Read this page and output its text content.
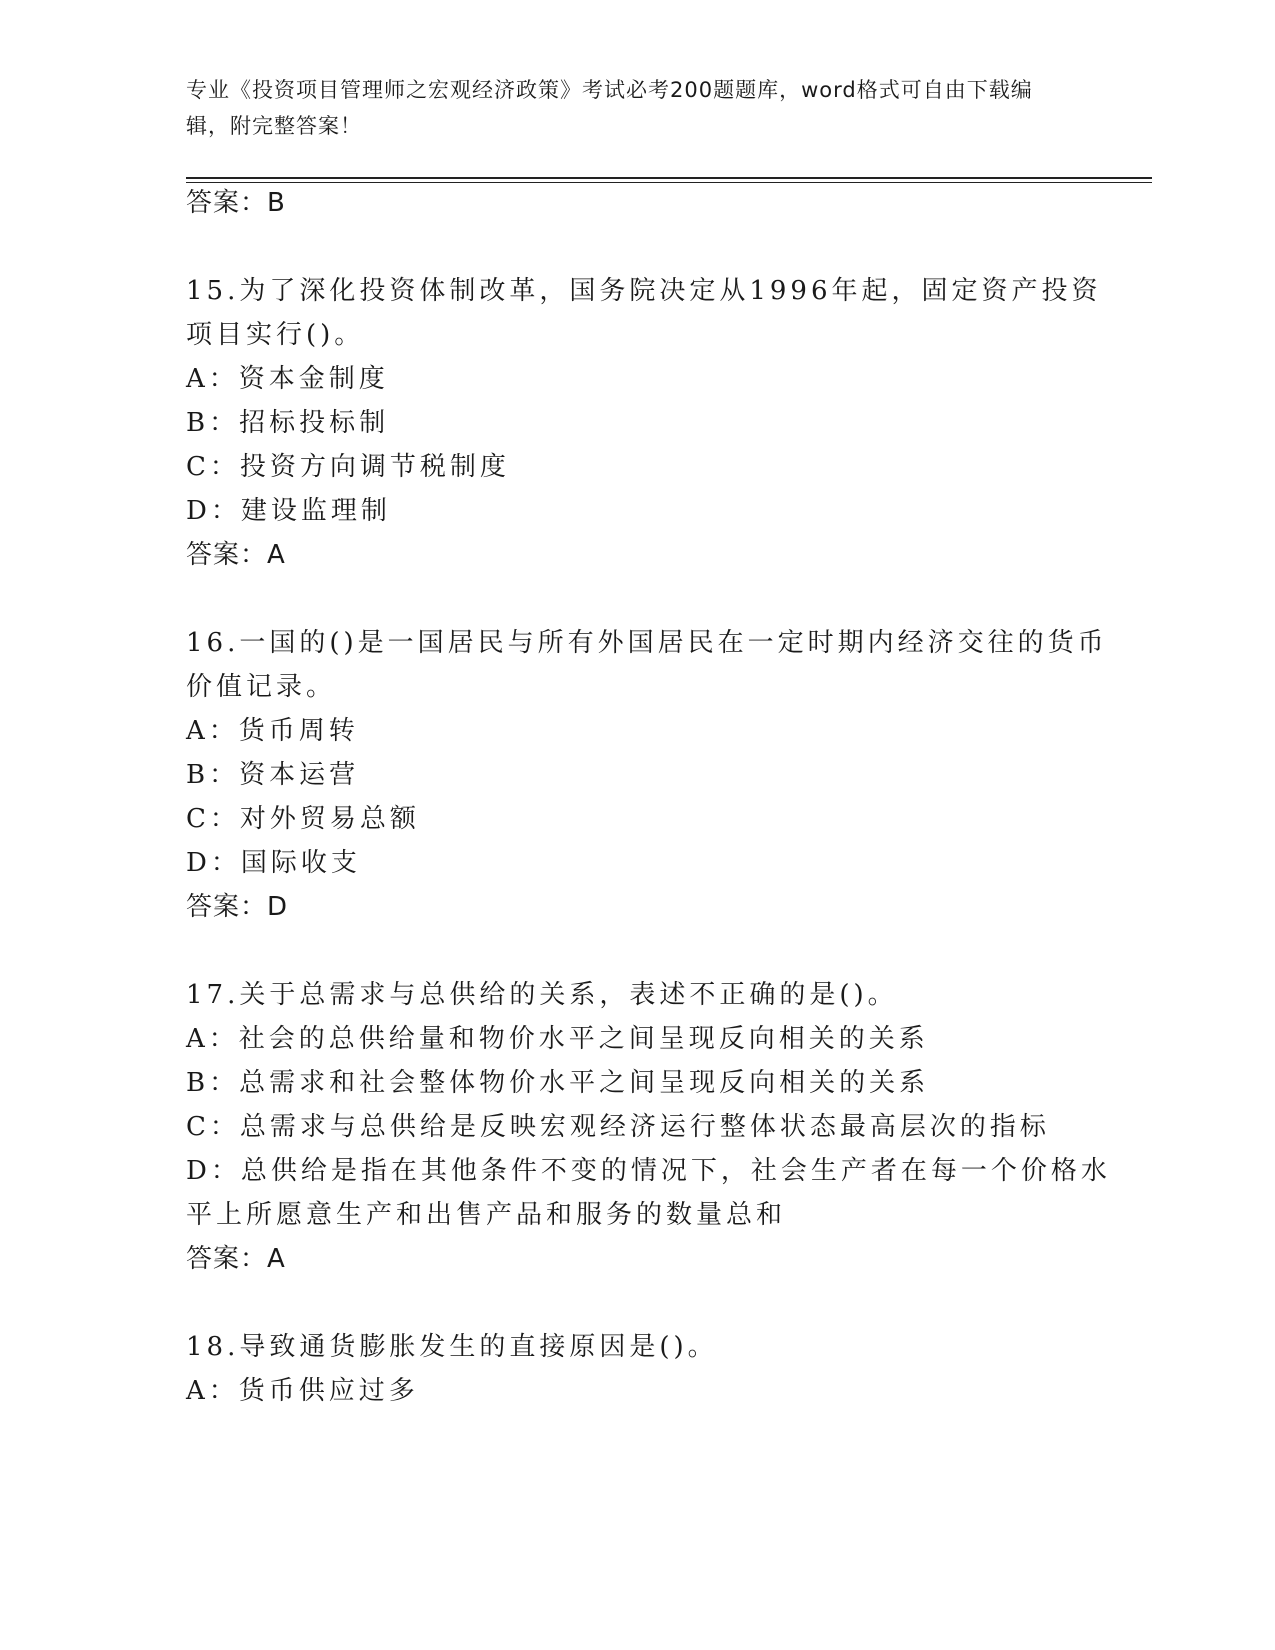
专业《投资项目管理师之宏观经济政策》考试必考200题题库，word格式可自由下载编辑，附完整答案！
答案：B
15.为了深化投资体制改革，国务院决定从1996年起，固定资产投资
项目实行()。
A：资本金制度
B：招标投标制
C：投资方向调节税制度
D：建设监理制
答案：A
16.一国的()是一国居民与所有外国居民在一定时期内经济交往的货币
价值记录。
A：货币周转
B：资本运营
C：对外贸易总额
D：国际收支
答案：D
17.关于总需求与总供给的关系，表述不正确的是()。
A：社会的总供给量和物价水平之间呈现反向相关的关系
B：总需求和社会整体物价水平之间呈现反向相关的关系
C：总需求与总供给是反映宏观经济运行整体状态最高层次的指标
D：总供给是指在其他条件不变的情况下，社会生产者在每一个价格水
平上所愿意生产和出售产品和服务的数量总和
答案：A
18.导致通货膨胀发生的直接原因是()。
A：货币供应过多
